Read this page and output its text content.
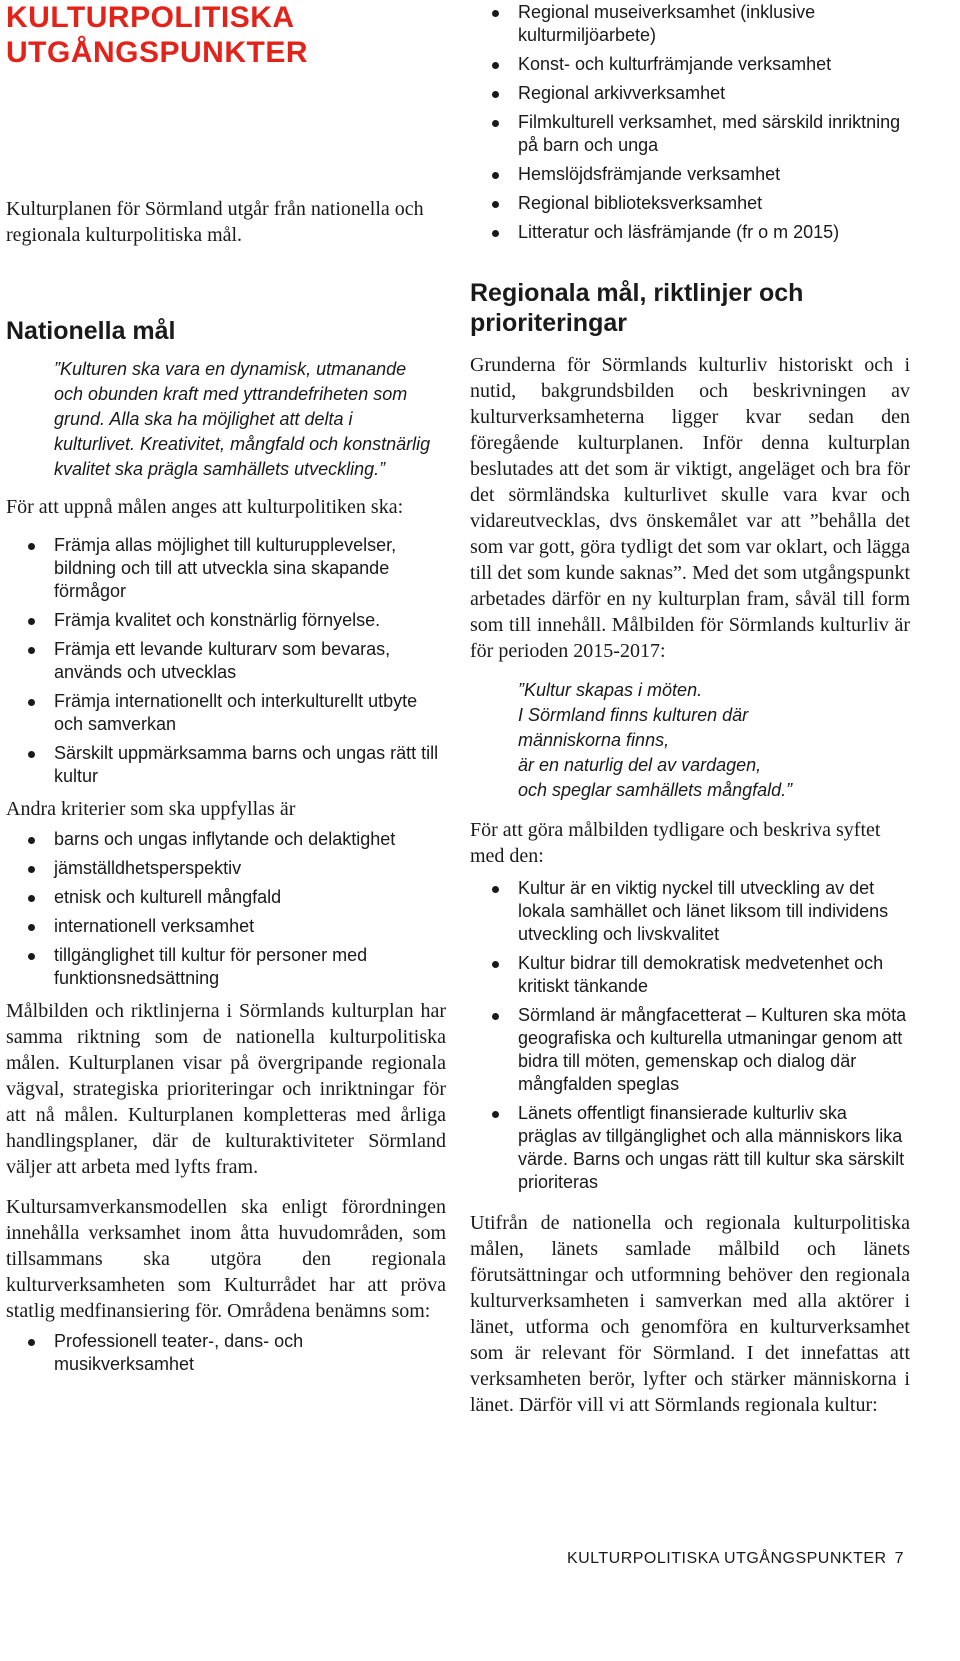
KULTURPOLITISKA UTGÅNGSPUNKTER

Kulturplanen för Sörmland utgår från nationella och regionala kulturpolitiska mål.

Nationella mål

”Kulturen ska vara en dynamisk, utmanande och obunden kraft med yttrandefriheten som grund. Alla ska ha möjlighet att delta i kulturlivet. Kreativitet, mångfald och konstnärlig kvalitet ska prägla samhällets utveckling.”

För att uppnå målen anges att kulturpolitiken ska:

Främja allas möjlighet till kulturupplevelser, bildning och till att utveckla sina skapande förmågor
Främja kvalitet och konstnärlig förnyelse.
Främja ett levande kulturarv som bevaras, används och utvecklas
Främja internationellt och interkulturellt utbyte och samverkan
Särskilt uppmärksamma barns och ungas rätt till kultur

Andra kriterier som ska uppfyllas är

barns och ungas inflytande och delaktighet
jämställdhetsperspektiv
etnisk och kulturell mångfald
internationell verksamhet
tillgänglighet till kultur för personer med funktionsnedsättning

Målbilden och riktlinjerna i Sörmlands kulturplan har samma riktning som de nationella kulturpolitiska målen. Kulturplanen visar på övergripande regionala vägval, strategiska prioriteringar och inriktningar för att nå målen. Kulturplanen kompletteras med årliga handlingsplaner, där de kulturaktiviteter Sörmland väljer att arbeta med lyfts fram.

Kultursamverkansmodellen ska enligt förordningen innehålla verksamhet inom åtta huvudområden, som tillsammans ska utgöra den regionala kulturverksamheten som Kulturrådet har att pröva statlig medfinansiering för. Områdena benämns som:

Professionell teater-, dans- och musikverksamhet
Regional museiverksamhet (inklusive kulturmiljöarbete)
Konst- och kulturfrämjande verksamhet
Regional arkivverksamhet
Filmkulturell verksamhet, med särskild inriktning på barn och unga
Hemslöjdsfrämjande verksamhet
Regional biblioteksverksamhet
Litteratur och läsfrämjande (fr o m 2015)
Regionala mål, riktlinjer och prioriteringar

Grunderna för Sörmlands kulturliv historiskt och i nutid, bakgrundsbilden och beskrivningen av kulturverksamheterna ligger kvar sedan den föregående kulturplanen. Inför denna kulturplan beslutades att det som är viktigt, angeläget och bra för det sörmländska kulturlivet skulle vara kvar och vidareutvecklas, dvs önskemålet var att ”behålla det som var gott, göra tydligt det som var oklart, och lägga till det som kunde saknas”. Med det som utgångspunkt arbetades därför en ny kulturplan fram, såväl till form som till innehåll. Målbilden för Sörmlands kulturliv är för perioden 2015-2017:

”Kultur skapas i möten.

I Sörmland finns kulturen där

människorna finns,

är en naturlig del av vardagen,

och speglar samhällets mångfald.”

För att göra målbilden tydligare och beskriva syftet med den:

Kultur är en viktig nyckel till utveckling av det lokala samhället och länet liksom till individens utveckling och livskvalitet
Kultur bidrar till demokratisk medvetenhet och kritiskt tänkande
Sörmland är mångfacetterat – Kulturen ska möta geografiska och kulturella utmaningar genom att bidra till möten, gemenskap och dialog där mångfalden speglas
Länets offentligt finansierade kulturliv ska präglas av tillgänglighet och alla människors lika värde. Barns och ungas rätt till kultur ska särskilt prioriteras

Utifrån de nationella och regionala kulturpolitiska målen, länets samlade målbild och länets förutsättningar och utformning behöver den regionala kulturverksamheten i samverkan med alla aktörer i länet, utforma och genomföra en kulturverksamhet som är relevant för Sörmland. I det innefattas att verksamheten berör, lyfter och stärker människorna i länet. Därför vill vi att Sörmlands regionala kultur:

KULTURPOLITISKA UTGÅNGSPUNKTER 7
